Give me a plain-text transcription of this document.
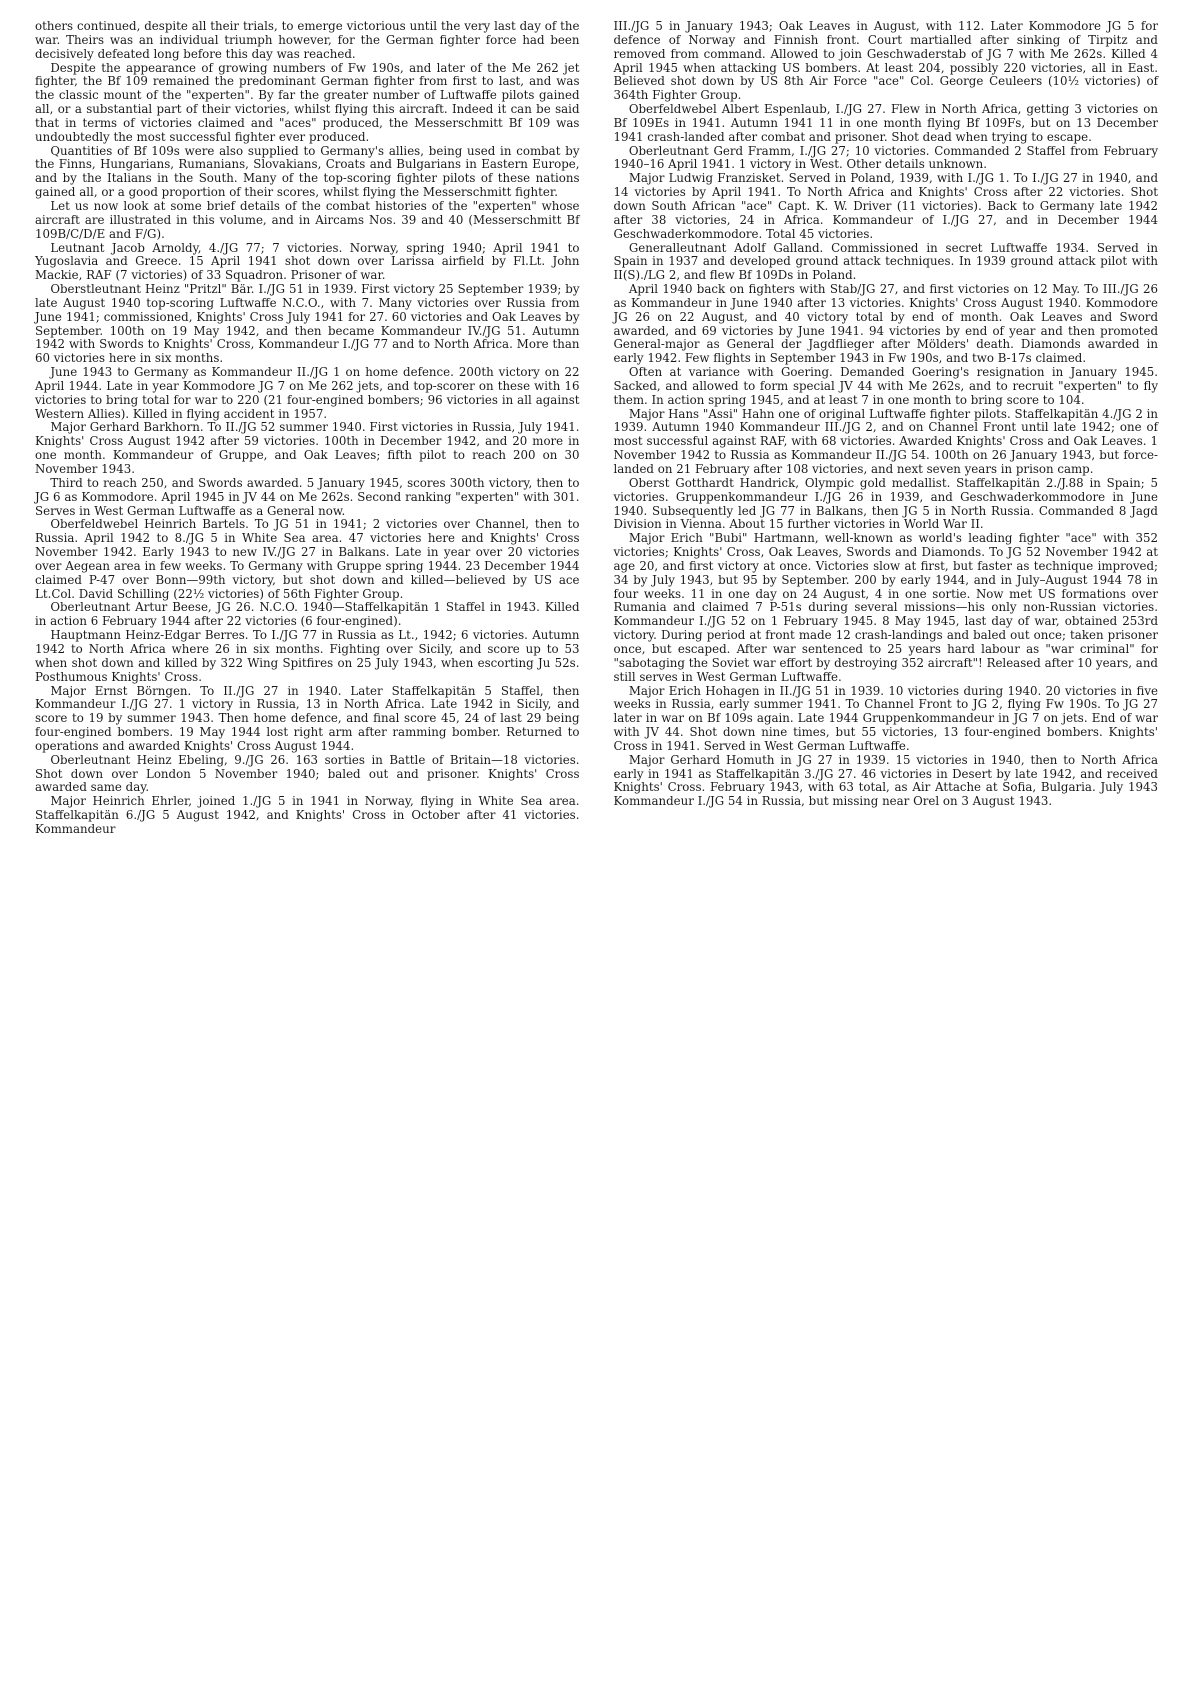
others continued, despite all their trials, to emerge victorious until the very last day of the war. Theirs was an individual triumph however, for the German fighter force had been decisively defeated long before this day was reached.

Despite the appearance of growing numbers of Fw 190s, and later of the Me 262 jet fighter, the Bf 109 remained the predominant German fighter from first to last, and was the classic mount of the "experten". By far the greater number of Luftwaffe pilots gained all, or a substantial part of their victories, whilst flying this aircraft. Indeed it can be said that in terms of victories claimed and "aces" produced, the Messerschmitt Bf 109 was undoubtedly the most successful fighter ever produced.

Quantities of Bf 109s were also supplied to Germany's allies, being used in combat by the Finns, Hungarians, Rumanians, Slovakians, Croats and Bulgarians in Eastern Europe, and by the Italians in the South. Many of the top-scoring fighter pilots of these nations gained all, or a good proportion of their scores, whilst flying the Messerschmitt fighter.

Let us now look at some brief details of the combat histories of the "experten" whose aircraft are illustrated in this volume, and in Aircams Nos. 39 and 40 (Messerschmitt Bf 109B/C/D/E and F/G).

Leutnant Jacob Arnoldy, 4./JG 77; 7 victories. Norway, spring 1940; April 1941 to Yugoslavia and Greece. 15 April 1941 shot down over Larissa airfield by Fl.Lt. John Mackie, RAF (7 victories) of 33 Squadron. Prisoner of war.

Oberstleutnant Heinz "Pritzl" Bär. I./JG 51 in 1939. First victory 25 September 1939; by late August 1940 top-scoring Luftwaffe N.C.O., with 7. Many victories over Russia from June 1941; commissioned, Knights' Cross July 1941 for 27. 60 victories and Oak Leaves by September. 100th on 19 May 1942, and then became Kommandeur IV./JG 51. Autumn 1942 with Swords to Knights' Cross, Kommandeur I./JG 77 and to North Africa. More than 60 victories here in six months.

June 1943 to Germany as Kommandeur II./JG 1 on home defence. 200th victory on 22 April 1944. Late in year Kommodore JG 7 on Me 262 jets, and top-scorer on these with 16 victories to bring total for war to 220 (21 four-engined bombers; 96 victories in all against Western Allies). Killed in flying accident in 1957.

Major Gerhard Barkhorn. To II./JG 52 summer 1940. First victories in Russia, July 1941. Knights' Cross August 1942 after 59 victories. 100th in December 1942, and 20 more in one month. Kommandeur of Gruppe, and Oak Leaves; fifth pilot to reach 200 on 30 November 1943.

Third to reach 250, and Swords awarded. 5 January 1945, scores 300th victory, then to JG 6 as Kommodore. April 1945 in JV 44 on Me 262s. Second ranking "experten" with 301. Serves in West German Luftwaffe as a General now.

Oberfeldwebel Heinrich Bartels. To JG 51 in 1941; 2 victories over Channel, then to Russia. April 1942 to 8./JG 5 in White Sea area. 47 victories here and Knights' Cross November 1942. Early 1943 to new IV./JG 27 in Balkans. Late in year over 20 victories over Aegean area in few weeks. To Germany with Gruppe spring 1944. 23 December 1944 claimed P-47 over Bonn—99th victory, but shot down and killed—believed by US ace Lt.Col. David Schilling (22½ victories) of 56th Fighter Group.

Oberleutnant Artur Beese, JG 26. N.C.O. 1940—Staffelkapitän 1 Staffel in 1943. Killed in action 6 February 1944 after 22 victories (6 four-engined).

Hauptmann Heinz-Edgar Berres. To I./JG 77 in Russia as Lt., 1942; 6 victories. Autumn 1942 to North Africa where 26 in six months. Fighting over Sicily, and score up to 53 when shot down and killed by 322 Wing Spitfires on 25 July 1943, when escorting Ju 52s. Posthumous Knights' Cross.

Major Ernst Börngen. To II./JG 27 in 1940. Later Staffelkapitän 5 Staffel, then Kommandeur I./JG 27. 1 victory in Russia, 13 in North Africa. Late 1942 in Sicily, and score to 19 by summer 1943. Then home defence, and final score 45, 24 of last 29 being four-engined bombers. 19 May 1944 lost right arm after ramming bomber. Returned to operations and awarded Knights' Cross August 1944.

Oberleutnant Heinz Ebeling, 9./JG 26. 163 sorties in Battle of Britain—18 victories. Shot down over London 5 November 1940; baled out and prisoner. Knights' Cross awarded same day.

Major Heinrich Ehrler, joined 1./JG 5 in 1941 in Norway, flying in White Sea area. Staffelkapitän 6./JG 5 August 1942, and Knights' Cross in October after 41 victories. Kommandeur

III./JG 5 in January 1943; Oak Leaves in August, with 112. Later Kommodore JG 5 for defence of Norway and Finnish front. Court martialled after sinking of Tirpitz and removed from command. Allowed to join Geschwaderstab of JG 7 with Me 262s. Killed 4 April 1945 when attacking US bombers. At least 204, possibly 220 victories, all in East. Believed shot down by US 8th Air Force "ace" Col. George Ceuleers (10½ victories) of 364th Fighter Group.

Oberfeldwebel Albert Espenlaub, I./JG 27. Flew in North Africa, getting 3 victories on Bf 109Es in 1941. Autumn 1941 11 in one month flying Bf 109Fs, but on 13 December 1941 crash-landed after combat and prisoner. Shot dead when trying to escape.

Oberleutnant Gerd Framm, I./JG 27; 10 victories. Commanded 2 Staffel from February 1940–16 April 1941. 1 victory in West. Other details unknown.

Major Ludwig Franzisket. Served in Poland, 1939, with I./JG 1. To I./JG 27 in 1940, and 14 victories by April 1941. To North Africa and Knights' Cross after 22 victories. Shot down South African "ace" Capt. K. W. Driver (11 victories). Back to Germany late 1942 after 38 victories, 24 in Africa. Kommandeur of I./JG 27, and in December 1944 Geschwaderkommodore. Total 45 victories.

Generalleutnant Adolf Galland. Commissioned in secret Luftwaffe 1934. Served in Spain in 1937 and developed ground attack techniques. In 1939 ground attack pilot with II(S)./LG 2, and flew Bf 109Ds in Poland.

April 1940 back on fighters with Stab/JG 27, and first victories on 12 May. To III./JG 26 as Kommandeur in June 1940 after 13 victories. Knights' Cross August 1940. Kommodore JG 26 on 22 August, and 40 victory total by end of month. Oak Leaves and Sword awarded, and 69 victories by June 1941. 94 victories by end of year and then promoted General-major as General der Jagdflieger after Mölders' death. Diamonds awarded in early 1942. Few flights in September 1943 in Fw 190s, and two B-17s claimed.

Often at variance with Goering. Demanded Goering's resignation in January 1945. Sacked, and allowed to form special JV 44 with Me 262s, and to recruit "experten" to fly them. In action spring 1945, and at least 7 in one month to bring score to 104.

Major Hans "Assi" Hahn one of original Luftwaffe fighter pilots. Staffelkapitän 4./JG 2 in 1939. Autumn 1940 Kommandeur III./JG 2, and on Channel Front until late 1942; one of most successful against RAF, with 68 victories. Awarded Knights' Cross and Oak Leaves. 1 November 1942 to Russia as Kommandeur II./JG 54. 100th on 26 January 1943, but force-landed on 21 February after 108 victories, and next seven years in prison camp.

Oberst Gotthardt Handrick, Olympic gold medallist. Staffelkapitän 2./J.88 in Spain; 5 victories. Gruppenkommandeur I./JG 26 in 1939, and Geschwaderkommodore in June 1940. Subsequently led JG 77 in Balkans, then JG 5 in North Russia. Commanded 8 Jagd Division in Vienna. About 15 further victories in World War II.

Major Erich "Bubi" Hartmann, well-known as world's leading fighter "ace" with 352 victories; Knights' Cross, Oak Leaves, Swords and Diamonds. To JG 52 November 1942 at age 20, and first victory at once. Victories slow at first, but faster as technique improved; 34 by July 1943, but 95 by September. 200 by early 1944, and in July–August 1944 78 in four weeks. 11 in one day on 24 August, 4 in one sortie. Now met US formations over Rumania and claimed 7 P-51s during several missions—his only non-Russian victories. Kommandeur I./JG 52 on 1 February 1945. 8 May 1945, last day of war, obtained 253rd victory. During period at front made 12 crash-landings and baled out once; taken prisoner once, but escaped. After war sentenced to 25 years hard labour as "war criminal" for "sabotaging the Soviet war effort by destroying 352 aircraft"! Released after 10 years, and still serves in West German Luftwaffe.

Major Erich Hohagen in II./JG 51 in 1939. 10 victories during 1940. 20 victories in five weeks in Russia, early summer 1941. To Channel Front to JG 2, flying Fw 190s. To JG 27 later in war on Bf 109s again. Late 1944 Gruppenkommandeur in JG 7 on jets. End of war with JV 44. Shot down nine times, but 55 victories, 13 four-engined bombers. Knights' Cross in 1941. Served in West German Luftwaffe.

Major Gerhard Homuth in JG 27 in 1939. 15 victories in 1940, then to North Africa early in 1941 as Staffelkapitän 3./JG 27. 46 victories in Desert by late 1942, and received Knights' Cross. February 1943, with 63 total, as Air Attache at Sofia, Bulgaria. July 1943 Kommandeur I./JG 54 in Russia, but missing near Orel on 3 August 1943.
